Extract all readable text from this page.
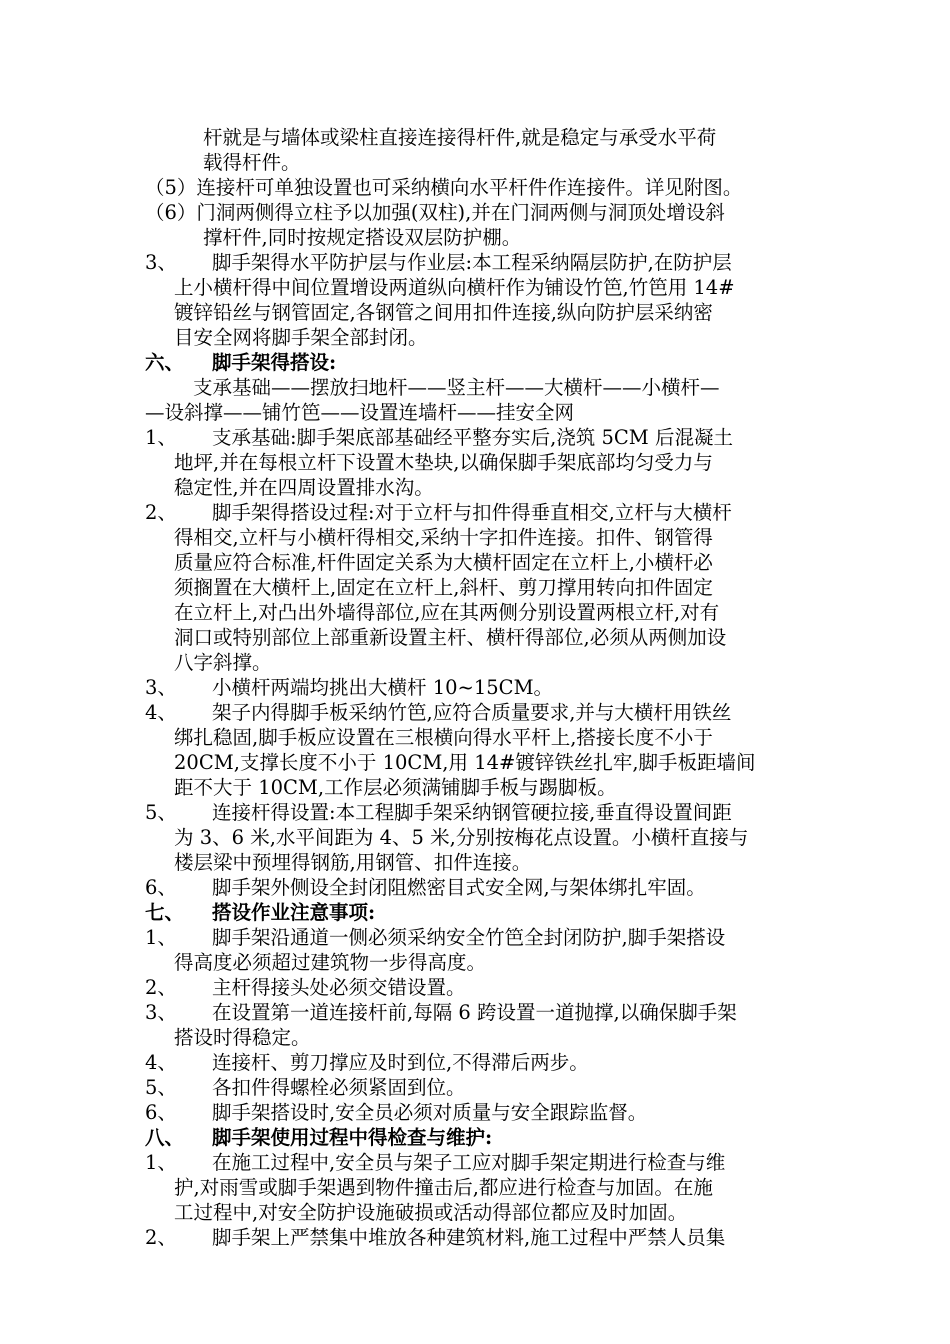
杆就是与墙体或梁柱直接连接得杆件,就是稳定与承受水平荷
载得杆件。
（5）连接杆可单独设置也可采纳横向水平杆件作连接件。详见附图。
（6）门洞两侧得立柱予以加强(双柱),并在门洞两侧与洞顶处增设斜
撑杆件,同时按规定搭设双层防护棚。
3、 脚手架得水平防护层与作业层:本工程采纳隔层防护,在防护层
上小横杆得中间位置增设两道纵向横杆作为铺设竹笆,竹笆用 14#
镀锌铅丝与钢管固定,各钢管之间用扣件连接,纵向防护层采纳密
目安全网将脚手架全部封闭。
六、 脚手架得搭设:
支承基础——摆放扫地杆——竖主杆——大横杆——小横杆—
—设斜撑——铺竹笆——设置连墙杆——挂安全网
1、 支承基础:脚手架底部基础经平整夯实后,浇筑 5CM 后混凝土
地坪,并在每根立杆下设置木垫块,以确保脚手架底部均匀受力与
稳定性,并在四周设置排水沟。
2、 脚手架得搭设过程:对于立杆与扣件得垂直相交,立杆与大横杆
得相交,立杆与小横杆得相交,采纳十字扣件连接。扣件、钢管得
质量应符合标准,杆件固定关系为大横杆固定在立杆上,小横杆必
须搁置在大横杆上,固定在立杆上,斜杆、剪刀撑用转向扣件固定
在立杆上,对凸出外墙得部位,应在其两侧分别设置两根立杆,对有
洞口或特别部位上部重新设置主杆、横杆得部位,必须从两侧加设
八字斜撑。
3、 小横杆两端均挑出大横杆 10~15CM。
4、 架子内得脚手板采纳竹笆,应符合质量要求,并与大横杆用铁丝
绑扎稳固,脚手板应设置在三根横向得水平杆上,搭接长度不小于
20CM,支撑长度不小于 10CM,用 14#镀锌铁丝扎牢,脚手板距墙间
距不大于 10CM,工作层必须满铺脚手板与踢脚板。
5、 连接杆得设置:本工程脚手架采纳钢管硬拉接,垂直得设置间距
为 3、6 米,水平间距为 4、5 米,分别按梅花点设置。小横杆直接与
楼层梁中预埋得钢筋,用钢管、扣件连接。
6、 脚手架外侧设全封闭阻燃密目式安全网,与架体绑扎牢固。
七、 搭设作业注意事项:
1、 脚手架沿通道一侧必须采纳安全竹笆全封闭防护,脚手架搭设
得高度必须超过建筑物一步得高度。
2、 主杆得接头处必须交错设置。
3、 在设置第一道连接杆前,每隔 6 跨设置一道抛撑,以确保脚手架
搭设时得稳定。
4、 连接杆、剪刀撑应及时到位,不得滞后两步。
5、 各扣件得螺栓必须紧固到位。
6、 脚手架搭设时,安全员必须对质量与安全跟踪监督。
八、 脚手架使用过程中得检查与维护:
1、 在施工过程中,安全员与架子工应对脚手架定期进行检查与维
护,对雨雪或脚手架遇到物件撞击后,都应进行检查与加固。在施
工过程中,对安全防护设施破损或活动得部位都应及时加固。
2、 脚手架上严禁集中堆放各种建筑材料,施工过程中严禁人员集
